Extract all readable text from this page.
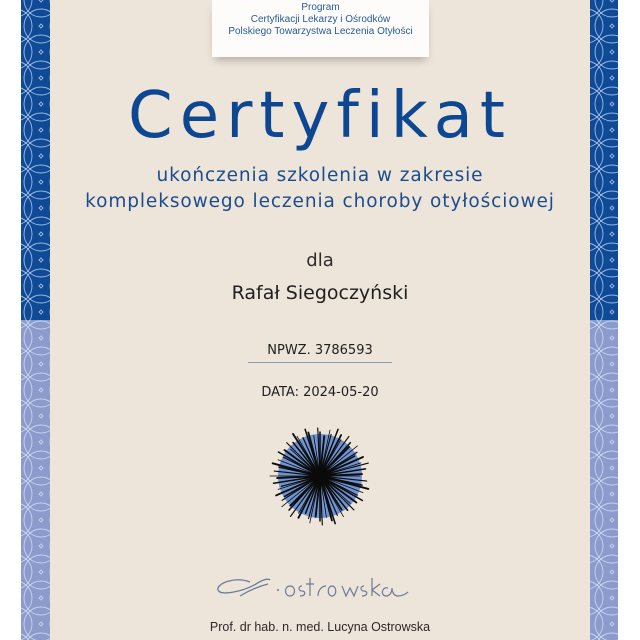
Program
Certyfikacji Lekarzy i Ośrodków
Polskiego Towarzystwa Leczenia Otyłości
Certyfikat
ukończenia szkolenia w zakresie
kompleksowego leczenia choroby otyłościowej
dla
Rafał Siegoczyński
NPWZ. 3786593
DATA: 2024-05-20
Prof. dr hab. n. med. Lucyna Ostrowska
